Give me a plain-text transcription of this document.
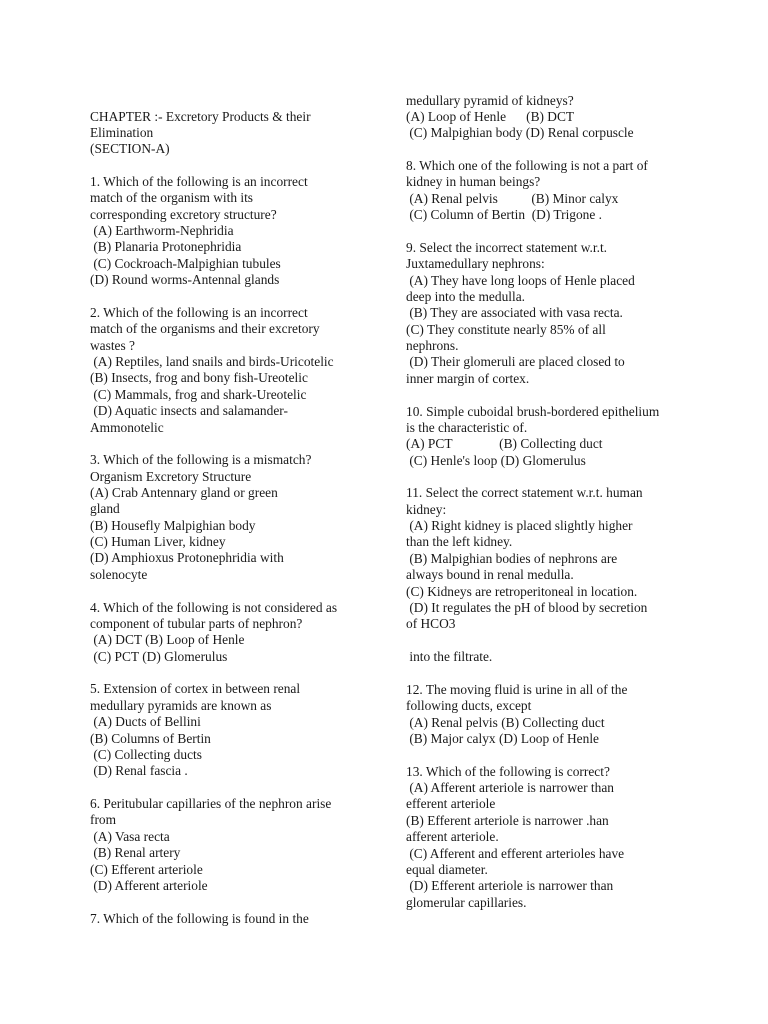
CHAPTER :- Excretory Products & their
Elimination
(SECTION-A)
1. Which of the following is an incorrect
match of the organism with its
corresponding excretory structure?
(A) Earthworm-Nephridia
(B) Planaria Protonephridia
(C) Cockroach-Malpighian tubules
(D) Round worms-Antennal glands
2. Which of the following is an incorrect
match of the organisms and their excretory
wastes ?
(A) Reptiles, land snails and birds-Uricotelic
(B) Insects, frog and bony fish-Ureotelic
(C) Mammals, frog and shark-Ureotelic
(D) Aquatic insects and salamander-
Ammonotelic
3. Which of the following is a mismatch?
Organism Excretory Structure
(A) Crab Antennary gland or green
gland
(B) Housefly Malpighian body
(C) Human Liver, kidney
(D) Amphioxus Protonephridia with
solenocyte
4. Which of the following is not considered as
component of tubular parts of nephron?
(A) DCT (B) Loop of Henle
(C) PCT (D) Glomerulus
5. Extension of cortex in between renal
medullary pyramids are known as
(A) Ducts of Bellini
(B) Columns of Bertin
(C) Collecting ducts
(D) Renal fascia .
6. Peritubular capillaries of the nephron arise
from
(A) Vasa recta
(B) Renal artery
(C) Efferent arteriole
(D) Afferent arteriole
7. Which of the following is found in the
medullary pyramid of kidneys?
(A) Loop of Henle      (B) DCT
(C) Malpighian body (D) Renal corpuscle
8. Which one of the following is not a part of
kidney in human beings?
(A) Renal pelvis          (B) Minor calyx
(C) Column of Bertin  (D) Trigone .
9. Select the incorrect statement w.r.t.
Juxtamedullary nephrons:
(A) They have long loops of Henle placed
deep into the medulla.
(B) They are associated with vasa recta.
(C) They constitute nearly 85% of all
nephrons.
(D) Their glomeruli are placed closed to
inner margin of cortex.
10. Simple cuboidal brush-bordered epithelium
is the characteristic of.
(A) PCT              (B) Collecting duct
(C) Henle's loop (D) Glomerulus
11. Select the correct statement w.r.t. human
kidney:
(A) Right kidney is placed slightly higher
than the left kidney.
(B) Malpighian bodies of nephrons are
always bound in renal medulla.
(C) Kidneys are retroperitoneal in location.
(D) It regulates the pH of blood by secretion
of HCO3
into the filtrate.
12. The moving fluid is urine in all of the
following ducts, except
(A) Renal pelvis (B) Collecting duct
(B) Major calyx (D) Loop of Henle
13. Which of the following is correct?
(A) Afferent arteriole is narrower than
efferent arteriole
(B) Efferent arteriole is narrower .han
afferent arteriole.
(C) Afferent and efferent arterioles have
equal diameter.
(D) Efferent arteriole is narrower than
glomerular capillaries.
